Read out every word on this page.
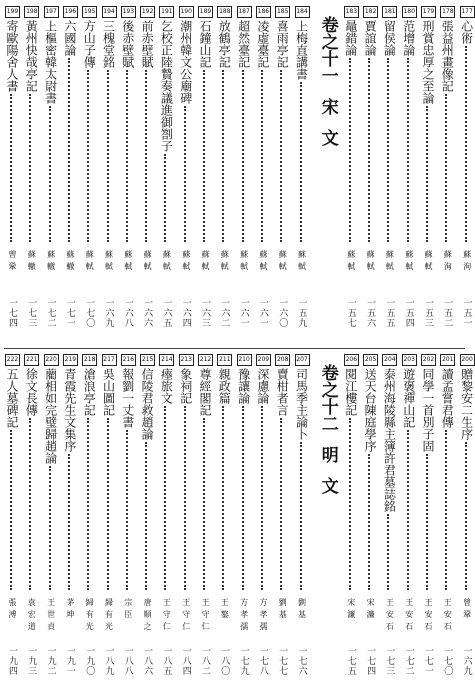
199
寄歐陽舍人書
曾鞏
一七四
198
黃州快哉亭記
蘇轍
一七三
197
上樞密韓太尉書
蘇轍
一七二
196
六國論
蘇轍
一七一
195
方山子傳
蘇軾
一七〇
194
三槐堂銘
蘇軾
一六九
193
後赤壁賦
蘇軾
一六八
192
前赤壁賦
蘇軾
一六六
191
乞校正陸贄奏議進御劄子
蘇軾
一六五
190
潮州韓文公廟碑
蘇軾
一六四
189
石鐘山記
蘇軾
一六三
188
放鶴亭記
蘇軾
一六二
187
超然臺記
蘇軾
一六一
186
凌虛臺記
蘇軾
一六一
185
喜雨亭記
蘇軾
一六〇
184
上梅直講書
蘇軾
一五九
卷之十一宋文
183
鼂錯論
蘇軾
一五七
182
賈誼論
蘇軾
一五六
181
留侯論
蘇軾
一五五
180
范增論
蘇軾
一五四
179
刑賞忠厚之至論
蘇軾
一五三
178
張益州畫像記
蘇洵
一五二
177
心術
蘇洵
一五一
222
五人墓碑記
張溥
一九四
221
徐文長傳
袁宏道
一九三
220
藺相如完璧歸趙論
王世貞
一九二
219
青霞先生文集序
茅坤
一九一
218
滄浪亭記
歸有光
一九〇
217
吳山圖記
歸有光
一八九
216
報劉一丈書
宗臣
一八八
215
信陵君救趙論
唐順之
一八六
214
瘞旅文
王守仁
一八五
213
象祠記
王守仁
一八四
212
尊經閣記
王守仁
一八二
211
親政篇
王鏊
一八〇
210
豫讓論
方孝孺
一七九
209
深慮論
方孝孺
一七八
208
賣柑者言
劉基
一七七
207
司馬季主論卜
劉基
一七六
卷之十二明文
206
閱江樓記
宋濂
一七五
205
送天台陳庭學序
宋濂
一七四
204
泰州海陵縣主簿許君墓誌銘
王安石
一七三
203
遊褒禪山記
王安石
一七二
202
同學一首別子固
王安石
一七一
201
讀孟嘗君傳
王安石
一七〇
200
贈黎安二生序
曾鞏
一六九
